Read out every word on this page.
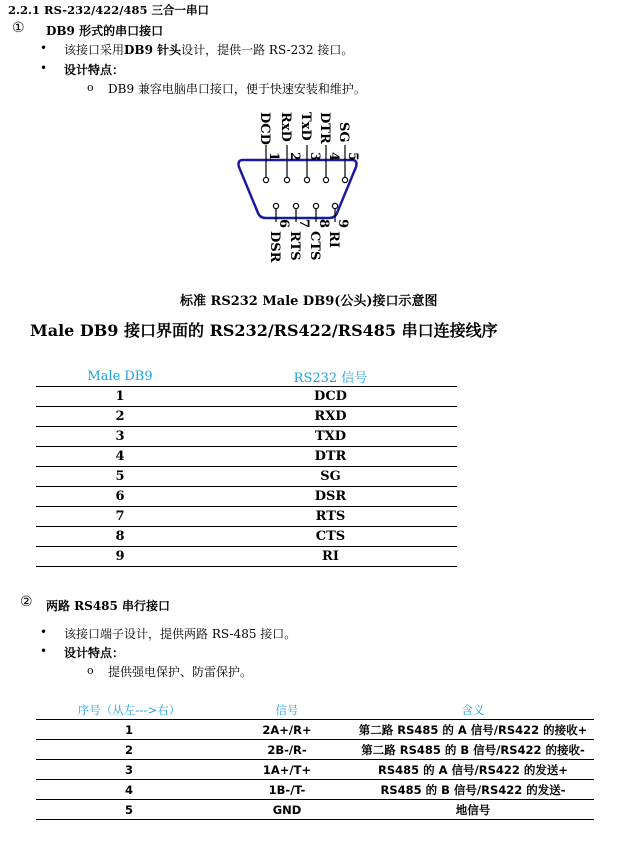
2.2.1 RS-232/422/485 三合一串口
① DB9 形式的串口接口
• 该接口采用DB9 针头设计，提供一路 RS-232 接口。
• 设计特点：
o DB9 兼容电脑串口接口，便于快速安装和维护。
DCD RxD TxD DTR SG
1 2 3 4 5
6 7 8 9
DSR RTS CTS RI
标准 RS232 Male DB9(公头)接口示意图
Male DB9 接口界面的 RS232/RS422/RS485 串口连接线序
Male DB9	RS232 信号
1	DCD
2	RXD
3	TXD
4	DTR
5	SG
6	DSR
7	RTS
8	CTS
9	RI
② 两路 RS485 串行接口
• 该接口端子设计，提供两路 RS-485 接口。
• 设计特点：
o 提供强电保护、防雷保护。
序号（从左--->右）	信号	含义
1	2A+/R+	第二路 RS485 的 A 信号/RS422 的接收+
2	2B-/R-	第二路 RS485 的 B 信号/RS422 的接收-
3	1A+/T+	RS485 的 A 信号/RS422 的发送+
4	1B-/T-	RS485 的 B 信号/RS422 的发送-
5	GND	地信号
